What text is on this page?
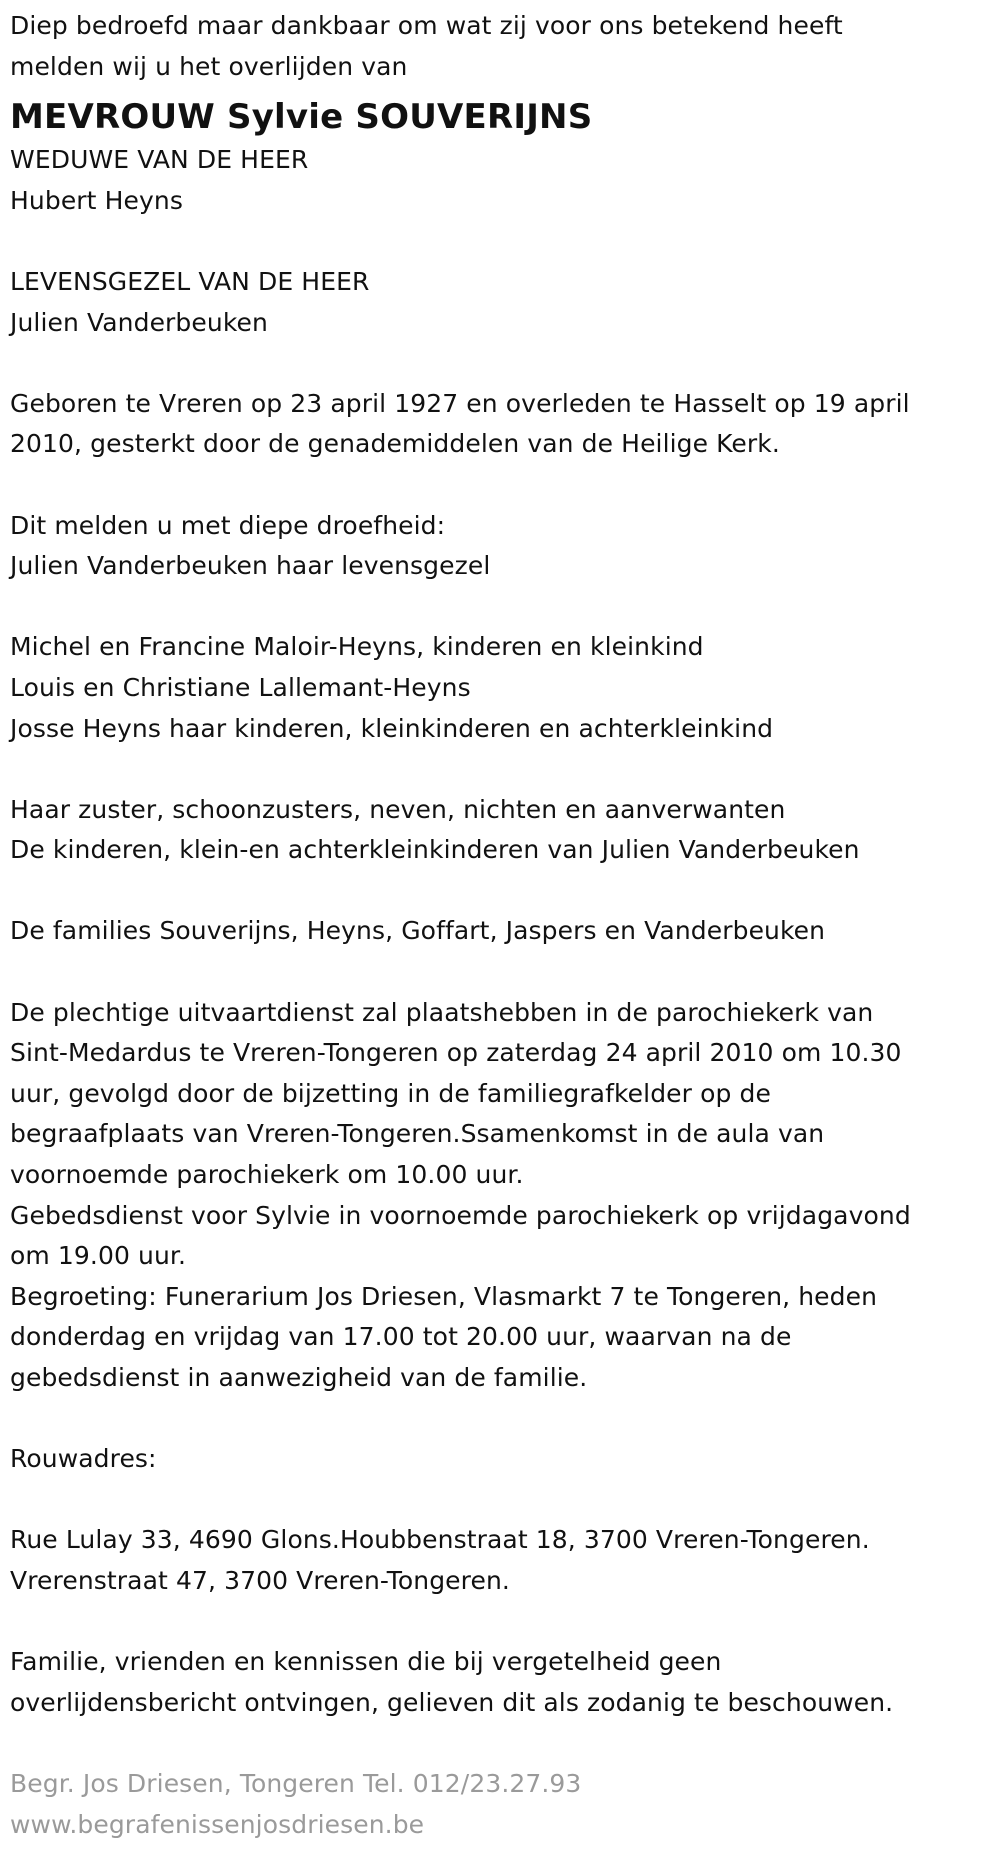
Diep bedroefd maar dankbaar om wat zij voor ons betekend heeft
melden wij u het overlijden van
MEVROUW Sylvie SOUVERIJNS
WEDUWE VAN DE HEER
Hubert Heyns
LEVENSGEZEL VAN DE HEER
Julien Vanderbeuken
Geboren te Vreren op 23 april 1927 en overleden te Hasselt op 19 april
2010, gesterkt door de genademiddelen van de Heilige Kerk.
Dit melden u met diepe droefheid:
Julien Vanderbeuken haar levensgezel
Michel en Francine Maloir-Heyns, kinderen en kleinkind
Louis en Christiane Lallemant-Heyns
Josse Heyns haar kinderen, kleinkinderen en achterkleinkind
Haar zuster, schoonzusters, neven, nichten en aanverwanten
De kinderen, klein-en achterkleinkinderen van Julien Vanderbeuken
De families Souverijns, Heyns, Goffart, Jaspers en Vanderbeuken
De plechtige uitvaartdienst zal plaatshebben in de parochiekerk van
Sint-Medardus te Vreren-Tongeren op zaterdag 24 april 2010 om 10.30
uur, gevolgd door de bijzetting in de familiegrafkelder op de
begraafplaats van Vreren-Tongeren.Ssamenkomst in de aula van
voornoemde parochiekerk om 10.00 uur.
Gebedsdienst voor Sylvie in voornoemde parochiekerk op vrijdagavond
om 19.00 uur.
Begroeting: Funerarium Jos Driesen, Vlasmarkt 7 te Tongeren, heden
donderdag en vrijdag van 17.00 tot 20.00 uur, waarvan na de
gebedsdienst in aanwezigheid van de familie.
Rouwadres:
Rue Lulay 33, 4690 Glons.Houbbenstraat 18, 3700 Vreren-Tongeren.
Vrerenstraat 47, 3700 Vreren-Tongeren.
Familie, vrienden en kennissen die bij vergetelheid geen
overlijdensbericht ontvingen, gelieven dit als zodanig te beschouwen.
Begr. Jos Driesen, Tongeren Tel. 012/23.27.93
www.begrafenissenjosdriesen.be
